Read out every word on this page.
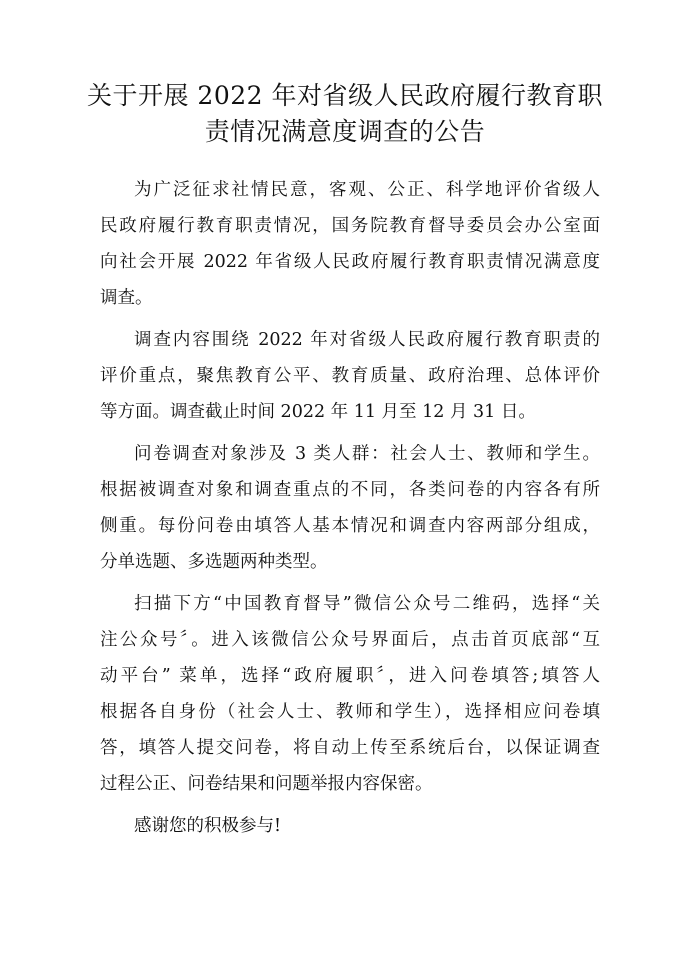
关于开展 2022 年对省级人民政府履行教育职
责情况满意度调查的公告
为广泛征求社情民意，客观、公正、科学地评价省级人
民政府履行教育职责情况，国务院教育督导委员会办公室面
向社会开展 2022 年省级人民政府履行教育职责情况满意度
调查。
调查内容围绕 2022 年对省级人民政府履行教育职责的
评价重点，聚焦教育公平、教育质量、政府治理、总体评价
等方面。调查截止时间 2022 年 11 月至 12 月 31 日。
问卷调查对象涉及 3 类人群：社会人士、教师和学生。
根据被调查对象和调查重点的不同，各类问卷的内容各有所
侧重。每份问卷由填答人基本情况和调查内容两部分组成，
分单选题、多选题两种类型。
扫描下方“中国教育督导”微信公众号二维码，选择“关
注公众号〞。进入该微信公众号界面后，点击首页底部“互
动平台” 菜单，选择“政府履职〞，进入问卷填答;填答人
根据各自身份（社会人士、教师和学生），选择相应问卷填
答，填答人提交问卷，将自动上传至系统后台，以保证调查
过程公正、问卷结果和问题举报内容保密。
感谢您的积极参与!
